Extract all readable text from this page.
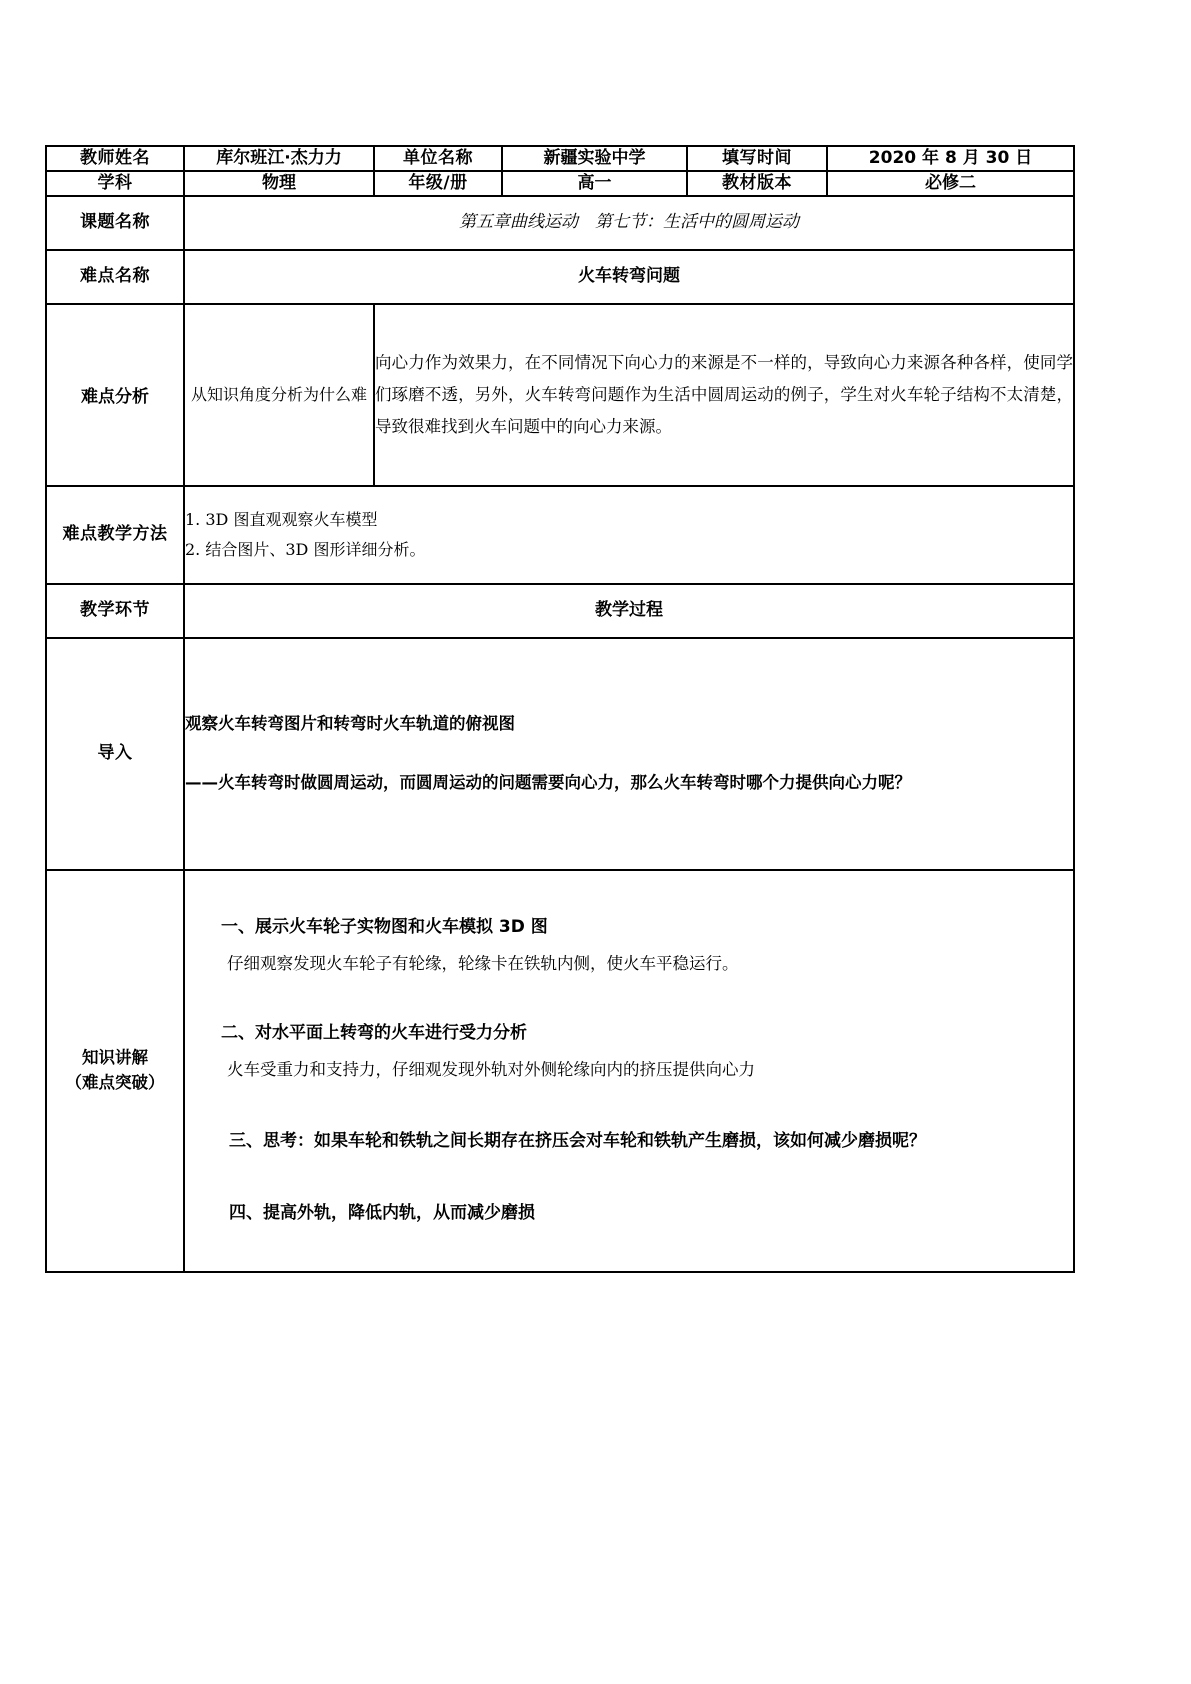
教师姓名	库尔班江·杰力力	单位名称	新疆实验中学	填写时间	2020 年 8 月 30 日
学科	物理	年级/册	高一	教材版本	必修二
课题名称	第五章曲线运动　第七节：生活中的圆周运动				
难点名称	火车转弯问题				
难点分析	从知识角度分析为什么难	向心力作为效果力，在不同情况下向心力的来源是不一样的，导致向心力来源各种各样，使同学们琢磨不透，另外，火车转弯问题作为生活中圆周运动的例子，学生对火车轮子结构不太清楚，导致很难找到火车问题中的向心力来源。			
难点教学方法	1. 3D 图直观观察火车模型
2. 结合图片、3D 图形详细分析。				

教学环节	教学过程				
导入	观察火车转弯图片和转弯时火车轨道的俯视图

——火车转弯时做圆周运动，而圆周运动的问题需要向心力，那么火车转弯时哪个力提供向心力呢？				

知识讲解
（难点突破）

一、展示火车轮子实物图和火车模拟 3D 图

仔细观察发现火车轮子有轮缘，轮缘卡在铁轨内侧，使火车平稳运行。

二、对水平面上转弯的火车进行受力分析

火车受重力和支持力，仔细观发现外轨对外侧轮缘向内的挤压提供向心力

三、思考：如果车轮和铁轨之间长期存在挤压会对车轮和铁轨产生磨损，该如何减少磨损呢？

四、提高外轨，降低内轨，从而减少磨损
